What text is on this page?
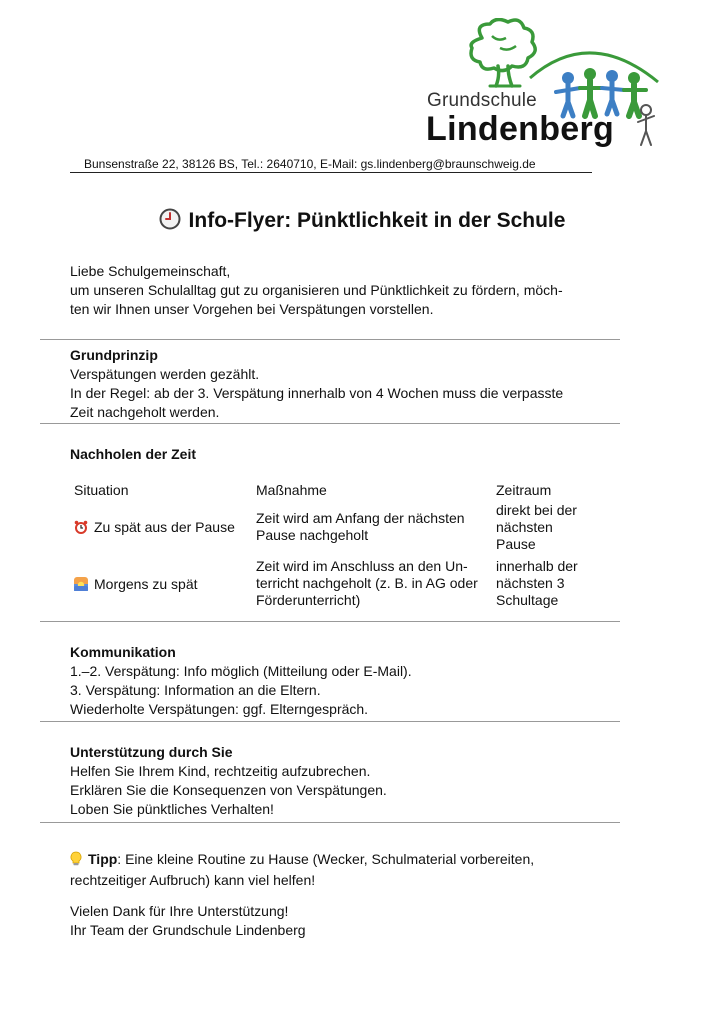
Grundschule
Lindenberg
Bunsenstraße 22, 38126 BS, Tel.: 2640710, E-Mail: gs.lindenberg@braunschweig.de
Info-Flyer: Pünktlichkeit in der Schule

Liebe Schulgemeinschaft,

um unseren Schulalltag gut zu organisieren und Pünktlichkeit zu fördern, möch-

ten wir Ihnen unser Vorgehen bei Verspätungen vorstellen.

Grundprinzip

Verspätungen werden gezählt.

In der Regel: ab der 3. Verspätung innerhalb von 4 Wochen muss die verpasste

Zeit nachgeholt werden.

Nachholen der Zeit

Situation	Maßnahme	Zeitraum
Zu spät aus der Pause
Zeit wird am Anfang der nächsten
Pause nachgeholt
direkt bei der
nächsten
Pause
Morgens zu spät
Zeit wird im Anschluss an den Un-
terricht nachgeholt (z. B. in AG oder
Förderunterricht)
innerhalb der
nächsten 3
Schultage

Kommunikation

1.–2. Verspätung: Info möglich (Mitteilung oder E-Mail).

3. Verspätung: Information an die Eltern.

Wiederholte Verspätungen: ggf. Elterngespräch.

Unterstützung durch Sie

Helfen Sie Ihrem Kind, rechtzeitig aufzubrechen.

Erklären Sie die Konsequenzen von Verspätungen.

Loben Sie pünktliches Verhalten!

Tipp: Eine kleine Routine zu Hause (Wecker, Schulmaterial vorbereiten,

rechtzeitiger Aufbruch) kann viel helfen!

Vielen Dank für Ihre Unterstützung!

Ihr Team der Grundschule Lindenberg
